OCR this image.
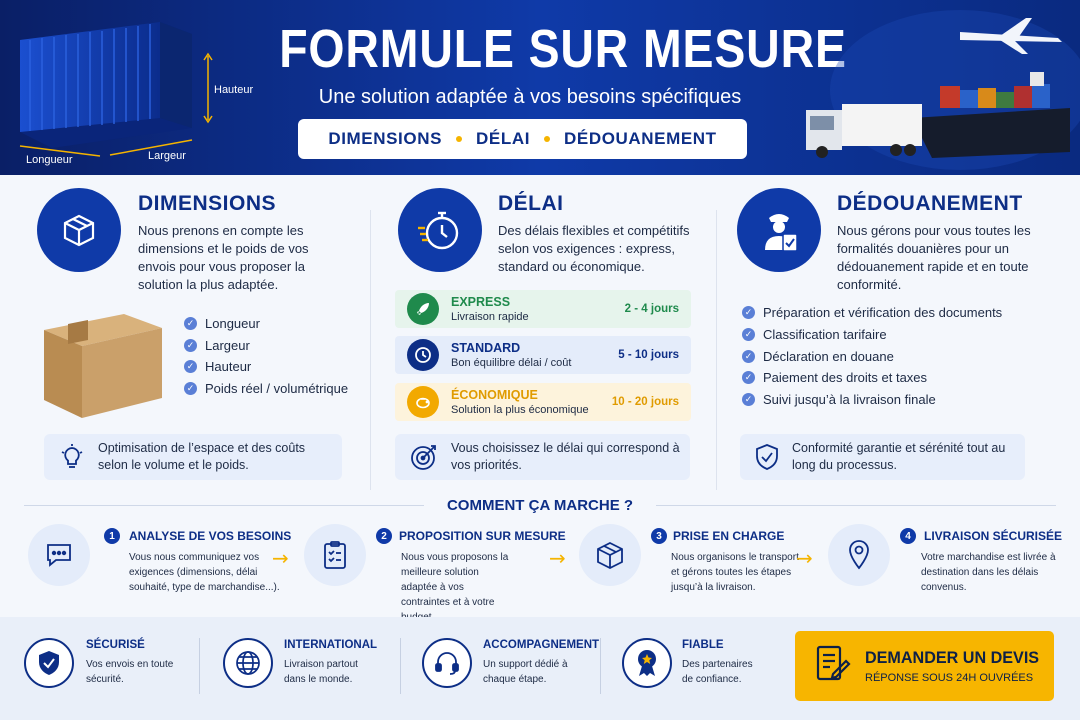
Hauteur
Longueur	Largeur
FORMULE SUR MESURE
Une solution adaptée à vos besoins spécifiques
DIMENSIONS DÉLAI DÉDOUANEMENT
DIMENSIONS
Nous prenons en compte les dimensions et le poids de vos envois pour vous proposer la solution la plus adaptée.
✓ Longueur
✓ Largeur
✓ Hauteur
✓ Poids réel / volumétrique
Optimisation de l’espace et des coûts selon le volume et le poids.
DÉLAI
Des délais flexibles et compétitifs selon vos exigences : express, standard ou économique.
EXPRESS
Livraison rapide
2 - 4 jours
STANDARD
Bon équilibre délai / coût
5 - 10 jours
ÉCONOMIQUE
Solution la plus économique
10 - 20 jours
Vous choisissez le délai qui correspond à vos priorités.
DÉDOUANEMENT
Nous gérons pour vous toutes les formalités douanières pour un dédouanement rapide et en toute conformité.
✓ Préparation et vérification des documents
✓ Classification tarifaire
✓ Déclaration en douane
✓ Paiement des droits et taxes
✓ Suivi jusqu’à la livraison finale
Conformité garantie et sérénité tout au long du processus.
COMMENT ÇA MARCHE ?
1	ANALYSE DE VOS BESOINS
Vous nous communiquez vos exigences (dimensions, délai souhaité, type de marchandise...).
→
2	PROPOSITION SUR MESURE
Nous vous proposons la meilleure solution adaptée à vos contraintes et à votre
→
3 PRISE EN CHARGE
Nous organisons le transport et gérons toutes les étapes jusqu’à la livraison.
→
4	LIVRAISON SÉCURISÉE
Votre marchandise est livrée à destination dans les délais convenus.
SÉCURISÉ
Vos envois en toute sécurité.
INTERNATIONAL
Livraison partout dans le monde.
ACCOMPAGNEMENT
Un support dédié à chaque étape.
FIABLE
Des partenaires de confiance.
DEMANDER UN DEVIS
RÉPONSE SOUS 24H OUVRÉES
